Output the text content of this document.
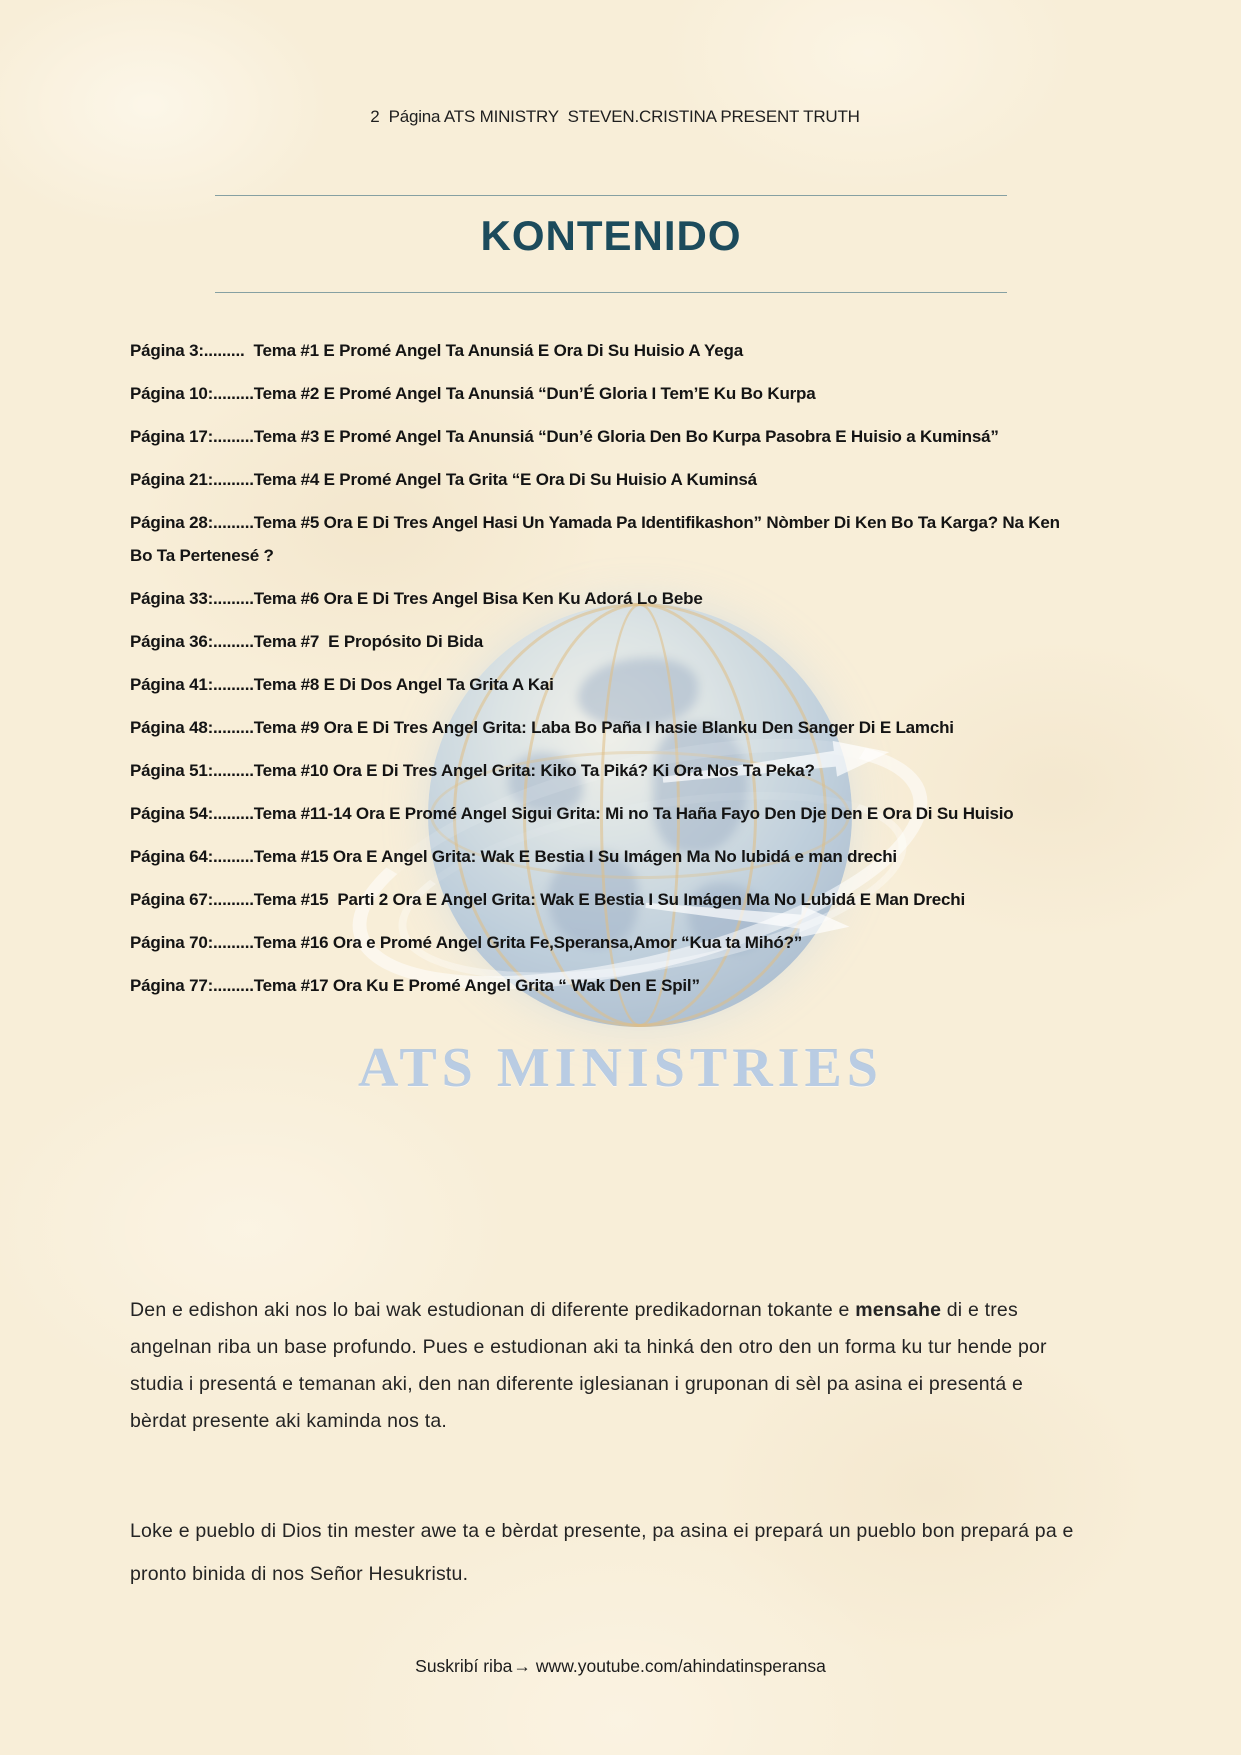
ATS MINISTRIES
2  Página ATS MINISTRY  STEVEN.CRISTINA PRESENT TRUTH
KONTENIDO
Página 3:.........  Tema #1 E Promé Angel Ta Anunsiá E Ora Di Su Huisio A Yega
Página 10:.........Tema #2 E Promé Angel Ta Anunsiá “Dun’É Gloria I Tem’E Ku Bo Kurpa
Página 17:.........Tema #3 E Promé Angel Ta Anunsiá “Dun’é Gloria Den Bo Kurpa Pasobra E Huisio a Kuminsá”
Página 21:.........Tema #4 E Promé Angel Ta Grita “E Ora Di Su Huisio A Kuminsá
Página 28:.........Tema #5 Ora E Di Tres Angel Hasi Un Yamada Pa Identifikashon” Nòmber Di Ken Bo Ta Karga? Na Ken Bo Ta Pertenesé ?
Página 33:.........Tema #6 Ora E Di Tres Angel Bisa Ken Ku Adorá Lo Bebe
Página 36:.........Tema #7  E Propósito Di Bida
Página 41:.........Tema #8 E Di Dos Angel Ta Grita A Kai
Página 48:.........Tema #9 Ora E Di Tres Angel Grita: Laba Bo Paña I hasie Blanku Den Sanger Di E Lamchi
Página 51:.........Tema #10 Ora E Di Tres Angel Grita: Kiko Ta Piká? Ki Ora Nos Ta Peka?
Página 54:.........Tema #11-14 Ora E Promé Angel Sigui Grita: Mi no Ta Haña Fayo Den Dje Den E Ora Di Su Huisio
Página 64:.........Tema #15 Ora E Angel Grita: Wak E Bestia I Su Imágen Ma No lubidá e man drechi
Página 67:.........Tema #15  Parti 2 Ora E Angel Grita: Wak E Bestia I Su Imágen Ma No Lubidá E Man Drechi
Página 70:.........Tema #16 Ora e Promé Angel Grita Fe,Speransa,Amor “Kua ta Mihó?”
Página 77:.........Tema #17 Ora Ku E Promé Angel Grita “ Wak Den E Spil”
Den e edishon aki nos lo bai wak estudionan di diferente predikadornan tokante e mensahe di e tres angelnan riba un base profundo. Pues e estudionan aki ta hinká den otro den un forma ku tur hende por studia i presentá e temanan aki, den nan diferente iglesianan i gruponan di sèl pa asina ei presentá e bèrdat presente aki kaminda nos ta.
Loke e pueblo di Dios tin mester awe ta e bèrdat presente, pa asina ei prepará un pueblo bon prepará pa e pronto binida di nos Señor Hesukristu.
Suskribí riba→ www.youtube.com/ahindatinsperansa
